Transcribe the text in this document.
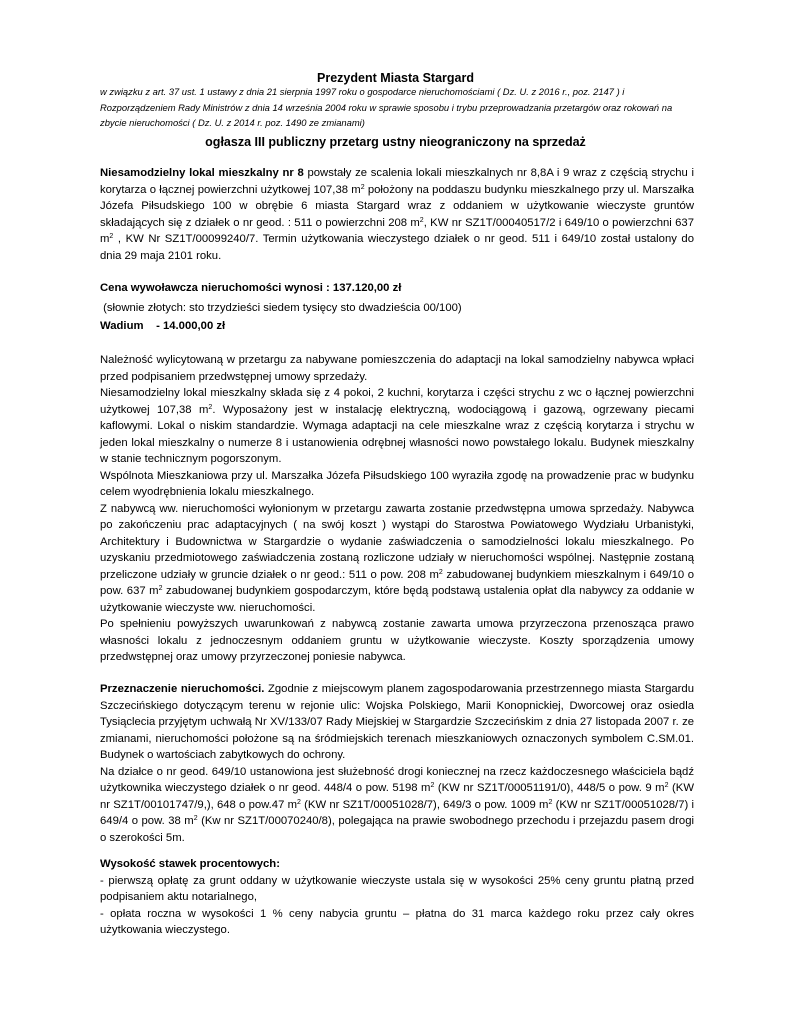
Prezydent Miasta Stargard
w związku z art. 37 ust. 1 ustawy z dnia 21 sierpnia 1997 roku o gospodarce nieruchomościami ( Dz. U. z 2016 r., poz. 2147 ) i Rozporządzeniem Rady Ministrów z dnia 14 września 2004 roku w sprawie sposobu i trybu przeprowadzania przetargów oraz rokowań na zbycie nieruchomości ( Dz. U. z 2014 r. poz. 1490 ze zmianami)
ogłasza III publiczny przetarg ustny nieograniczony na sprzedaż

Niesamodzielny lokal mieszkalny nr 8 powstały ze scalenia lokali mieszkalnych nr 8,8A i 9 wraz z częścią strychu i korytarza o łącznej powierzchni użytkowej 107,38 $m^2$ położony na poddaszu budynku mieszkalnego przy ul. Marszałka Józefa Piłsudskiego 100 w obrębie 6 miasta Stargard wraz z oddaniem w użytkowanie wieczyste gruntów składających się z działek o nr geod. : 511 o powierzchni 208 $m^2$, KW nr SZ1T/00040517/2 i 649/10 o powierzchni 637 $m^2$ , KW Nr SZ1T/00099240/7. Termin użytkowania wieczystego działek o nr geod. 511 i 649/10 został ustalony do dnia 29 maja 2101 roku.

Cena wywoławcza nieruchomości wynosi : 137.120,00 zł

(słownie złotych: sto trzydzieści siedem tysięcy sto dwadzieścia 00/100)

Wadium - 14.000,00 zł

Należność wylicytowaną w przetargu za nabywane pomieszczenia do adaptacji na lokal samodzielny nabywca wpłaci przed podpisaniem przedwstępnej umowy sprzedaży.

Niesamodzielny lokal mieszkalny składa się z 4 pokoi, 2 kuchni, korytarza i części strychu z wc o łącznej powierzchni użytkowej 107,38 $m^2$. Wyposażony jest w instalację elektryczną, wodociągową i gazową, ogrzewany piecami kaflowymi. Lokal o niskim standardzie. Wymaga adaptacji na cele mieszkalne wraz z częścią korytarza i strychu w jeden lokal mieszkalny o numerze 8 i ustanowienia odrębnej własności nowo powstałego lokalu. Budynek mieszkalny w stanie technicznym pogorszonym.

Wspólnota Mieszkaniowa przy ul. Marszałka Józefa Piłsudskiego 100 wyraziła zgodę na prowadzenie prac w budynku celem wyodrębnienia lokalu mieszkalnego.

Z nabywcą ww. nieruchomości wyłonionym w przetargu zawarta zostanie przedwstępna umowa sprzedaży. Nabywca po zakończeniu prac adaptacyjnych ( na swój koszt ) wystąpi do Starostwa Powiatowego Wydziału Urbanistyki, Architektury i Budownictwa w Stargardzie o wydanie zaświadczenia o samodzielności lokalu mieszkalnego. Po uzyskaniu przedmiotowego zaświadczenia zostaną rozliczone udziały w nieruchomości wspólnej. Następnie zostaną przeliczone udziały w gruncie działek o nr geod.: 511 o pow. 208 $m^2$ zabudowanej budynkiem mieszkalnym i 649/10 o pow. 637 $m^2$ zabudowanej budynkiem gospodarczym, które będą podstawą ustalenia opłat dla nabywcy za oddanie w użytkowanie wieczyste ww. nieruchomości.

Po spełnieniu powyższych uwarunkowań z nabywcą zostanie zawarta umowa przyrzeczona przenosząca prawo własności lokalu z jednoczesnym oddaniem gruntu w użytkowanie wieczyste. Koszty sporządzenia umowy przedwstępnej oraz umowy przyrzeczonej poniesie nabywca.

Przeznaczenie nieruchomości. Zgodnie z miejscowym planem zagospodarowania przestrzennego miasta Stargardu Szczecińskiego dotyczącym terenu w rejonie ulic: Wojska Polskiego, Marii Konopnickiej, Dworcowej oraz osiedla Tysiąclecia przyjętym uchwałą Nr XV/133/07 Rady Miejskiej w Stargardzie Szczecińskim z dnia 27 listopada 2007 r. ze zmianami, nieruchomości położone są na śródmiejskich terenach mieszkaniowych oznaczonych symbolem C.SM.01. Budynek o wartościach zabytkowych do ochrony.

Na działce o nr geod. 649/10 ustanowiona jest służebność drogi koniecznej na rzecz każdoczesnego właściciela bądź użytkownika wieczystego działek o nr geod. 448/4 o pow. 5198 $m^2$ (KW nr SZ1T/00051191/0), 448/5 o pow. 9 $m^2$ (KW nr SZ1T/00101747/9,), 648 o pow.47 $m^2$ (KW nr SZ1T/00051028/7), 649/3 o pow. 1009 $m^2$ (KW nr SZ1T/00051028/7) i 649/4 o pow. 38 $m^2$ (Kw nr SZ1T/00070240/8), polegająca na prawie swobodnego przechodu i przejazdu pasem drogi o szerokości 5m.

Wysokość stawek procentowych:

- pierwszą opłatę za grunt oddany w użytkowanie wieczyste ustala się w wysokości 25% ceny gruntu płatną przed podpisaniem aktu notarialnego,

- opłata roczna w wysokości 1 % ceny nabycia gruntu – płatna do 31 marca każdego roku przez cały okres użytkowania wieczystego.
